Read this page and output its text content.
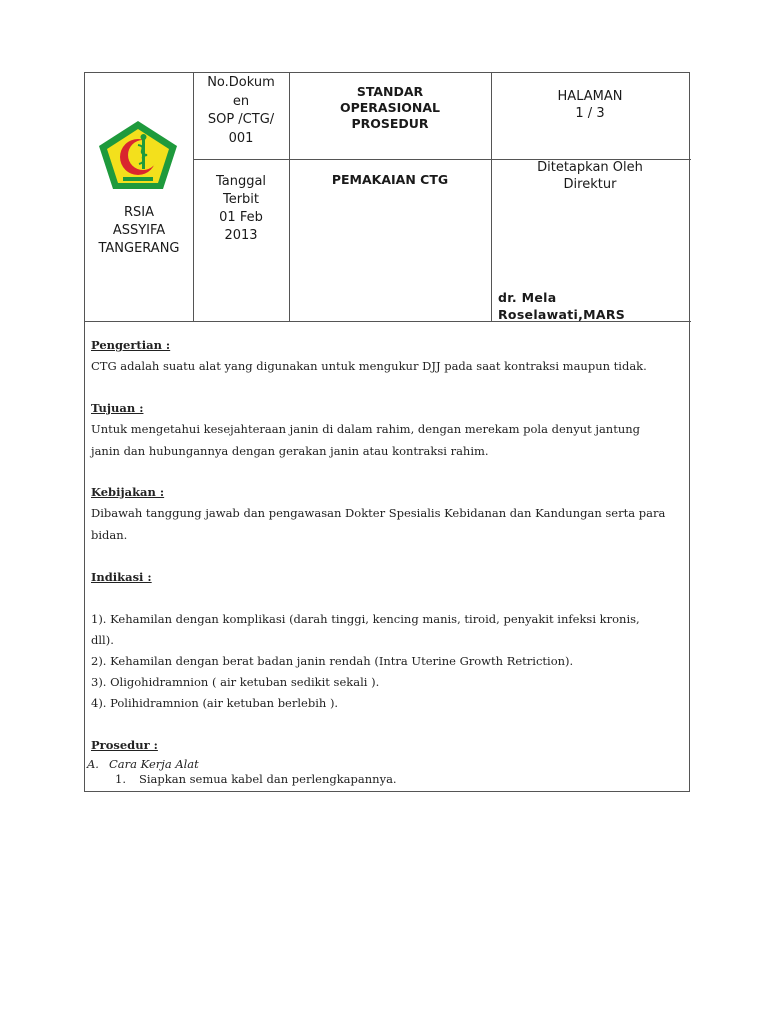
RSIA
ASSYIFA
TANGERANG
No.Dokum
en
SOP /CTG/
001
STANDAR
OPERASIONAL
PROSEDUR
HALAMAN
1 / 3
Tanggal
Terbit
01 Feb
2013
PEMAKAIAN CTG
Ditetapkan Oleh
Direktur
dr. Mela
Roselawati,MARS
Pengertian :
CTG adalah suatu alat yang digunakan untuk mengukur DJJ pada saat kontraksi maupun tidak.
Tujuan :
Untuk mengetahui kesejahteraan janin di dalam rahim, dengan merekam pola denyut jantung
janin dan hubungannya dengan gerakan janin atau kontraksi rahim.
Kebijakan :
Dibawah tanggung jawab dan pengawasan Dokter Spesialis Kebidanan dan Kandungan serta para
bidan.
Indikasi :
1). Kehamilan dengan komplikasi (darah tinggi, kencing manis, tiroid, penyakit infeksi kronis,
dll).
2). Kehamilan dengan berat badan janin rendah (Intra Uterine Growth Retriction).
3). Oligohidramnion ( air ketuban sedikit sekali ).
4). Polihidramnion (air ketuban berlebih ).
Prosedur :
A. Cara Kerja Alat
1. Siapkan semua kabel dan perlengkapannya.
